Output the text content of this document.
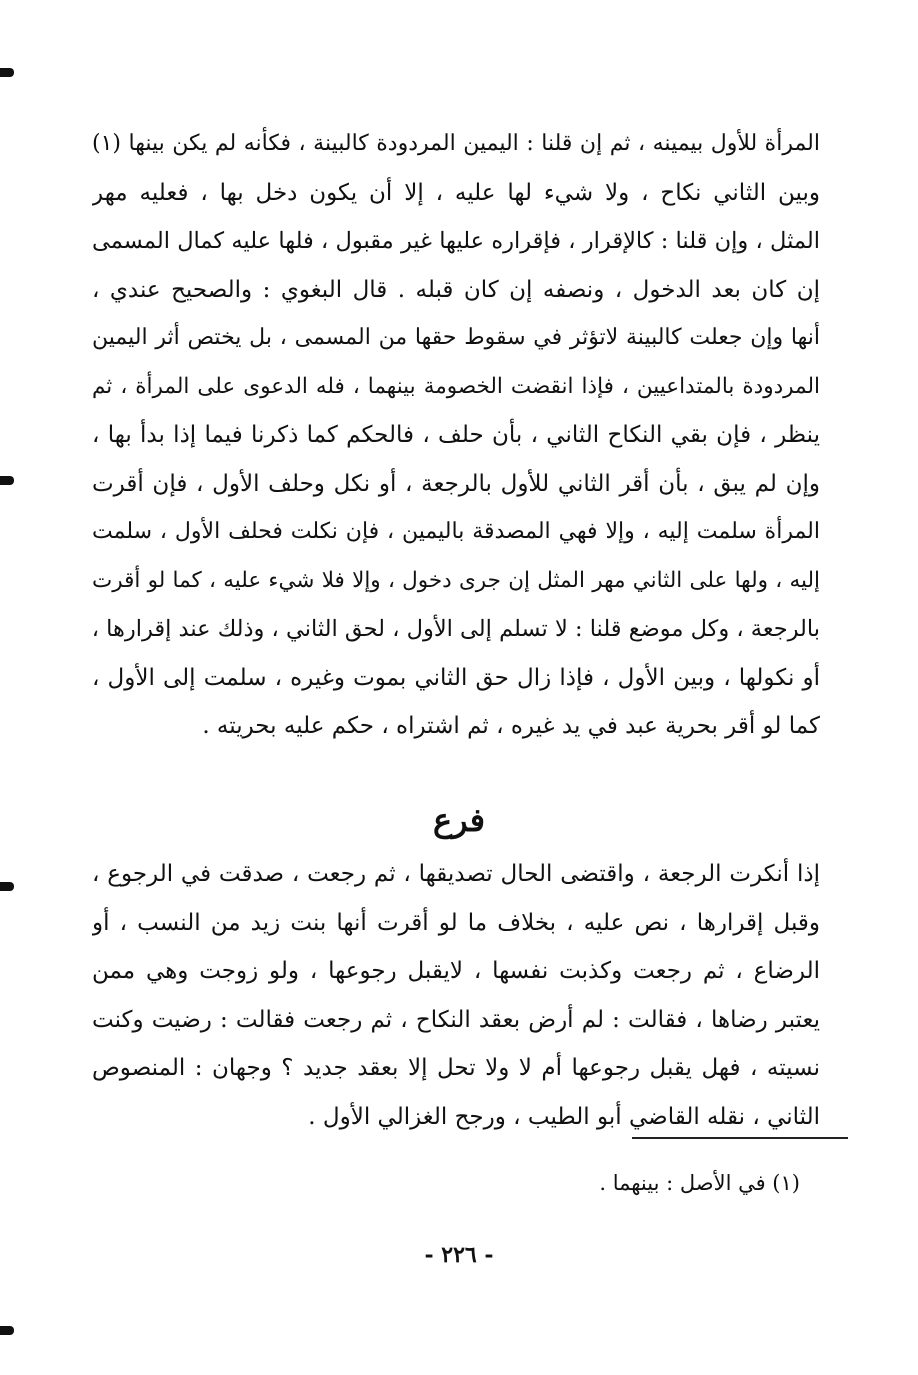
المرأة للأول بيمينه ، ثم إن قلنا : اليمين المردودة كالبينة ، فكأنه لم يكن بينها (١)
وبين الثاني نكاح ، ولا شيء لها عليه ، إلا أن يكون دخل بها ، فعليه مهر
المثل ، وإن قلنا : كالإقرار ، فإقراره عليها غير مقبول ، فلها عليه كمال المسمى
إن كان بعد الدخول ، ونصفه إن كان قبله . قال البغوي : والصحيح عندي ،
أنها وإن جعلت كالبينة لاتؤثر في سقوط حقها من المسمى ، بل يختص أثر اليمين
المردودة بالمتداعيين ، فإذا انقضت الخصومة بينهما ، فله الدعوى على المرأة ، ثم
ينظر ، فإن بقي النكاح الثاني ، بأن حلف ، فالحكم كما ذكرنا فيما إذا بدأ بها ،
وإن لم يبق ، بأن أقر الثاني للأول بالرجعة ، أو نكل وحلف الأول ، فإن أقرت
المرأة سلمت إليه ، وإلا فهي المصدقة باليمين ، فإن نكلت فحلف الأول ، سلمت
إليه ، ولها على الثاني مهر المثل إن جرى دخول ، وإلا فلا شيء عليه ، كما لو أقرت
بالرجعة ، وكل موضع قلنا : لا تسلم إلى الأول ، لحق الثاني ، وذلك عند إقرارها ،
أو نكولها ، وبين الأول ، فإذا زال حق الثاني بموت وغيره ، سلمت إلى الأول ،
كما لو أقر بحرية عبد في يد غيره ، ثم اشتراه ، حكم عليه بحريته .
فرع
إذا أنكرت الرجعة ، واقتضى الحال تصديقها ، ثم رجعت ، صدقت في الرجوع ،
وقبل إقرارها ، نص عليه ، بخلاف ما لو أقرت أنها بنت زيد من النسب ، أو
الرضاع ، ثم رجعت وكذبت نفسها ، لايقبل رجوعها ، ولو زوجت وهي ممن
يعتبر رضاها ، فقالت : لم أرض بعقد النكاح ، ثم رجعت فقالت : رضيت وكنت
نسيته ، فهل يقبل رجوعها أم لا ولا تحل إلا بعقد جديد ؟ وجهان : المنصوص
الثاني ، نقله القاضي أبو الطيب ، ورجح الغزالي الأول .
(١) في الأصل : بينهما .
- ٢٢٦ -
